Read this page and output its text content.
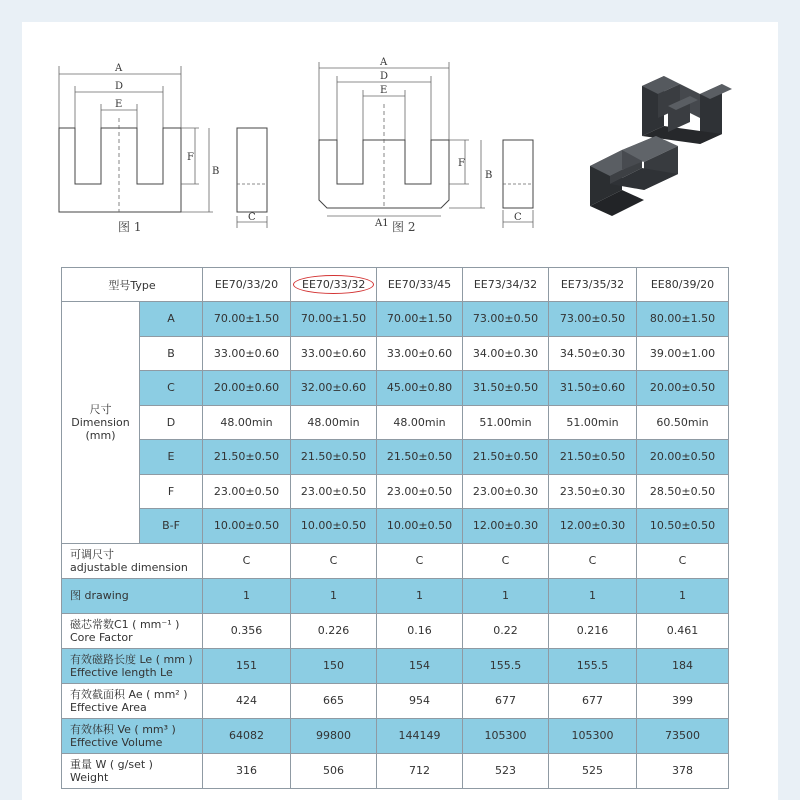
A
D
E
F
B
C
图 1
A
D
E
F
B
A1
C
图 2
型号Type		EE70/33/20	EE70/33/32	EE70/33/45	EE73/34/32	EE73/35/32	EE80/39/20

尺寸
Dimension
(mm)	A	70.00±1.50	70.00±1.50	70.00±1.50	73.00±0.50	73.00±0.50	80.00±1.50
	B	33.00±0.60	33.00±0.60	33.00±0.60	34.00±0.30	34.50±0.30	39.00±1.00
	C	20.00±0.60	32.00±0.60	45.00±0.80	31.50±0.50	31.50±0.60	20.00±0.50
	D	48.00min	48.00min	48.00min	51.00min	51.00min	60.50min
	E	21.50±0.50	21.50±0.50	21.50±0.50	21.50±0.50	21.50±0.50	20.00±0.50
	F	23.00±0.50	23.00±0.50	23.00±0.50	23.00±0.30	23.50±0.30	28.50±0.50
	B-F	10.00±0.50	10.00±0.50	10.00±0.50	12.00±0.30	12.00±0.30	10.50±0.50

可调尺寸
adjustable dimension		C	C	C	C	C	C

图 drawing		1	1	1	1	1	1

磁芯常数C1 ( mm⁻¹ )
Core Factor		0.356	0.226	0.16	0.22	0.216	0.461

有效磁路长度 Le ( mm )
Effective length Le		151	150	154	155.5	155.5	184

有效截面积 Ae ( mm² )
Effective Area		424	665	954	677	677	399

有效体积 Ve ( mm³ )
Effective Volume		64082	99800	144149	105300	105300	73500

重量 W ( g/set )
Weight		316	506	712	523	525	378
